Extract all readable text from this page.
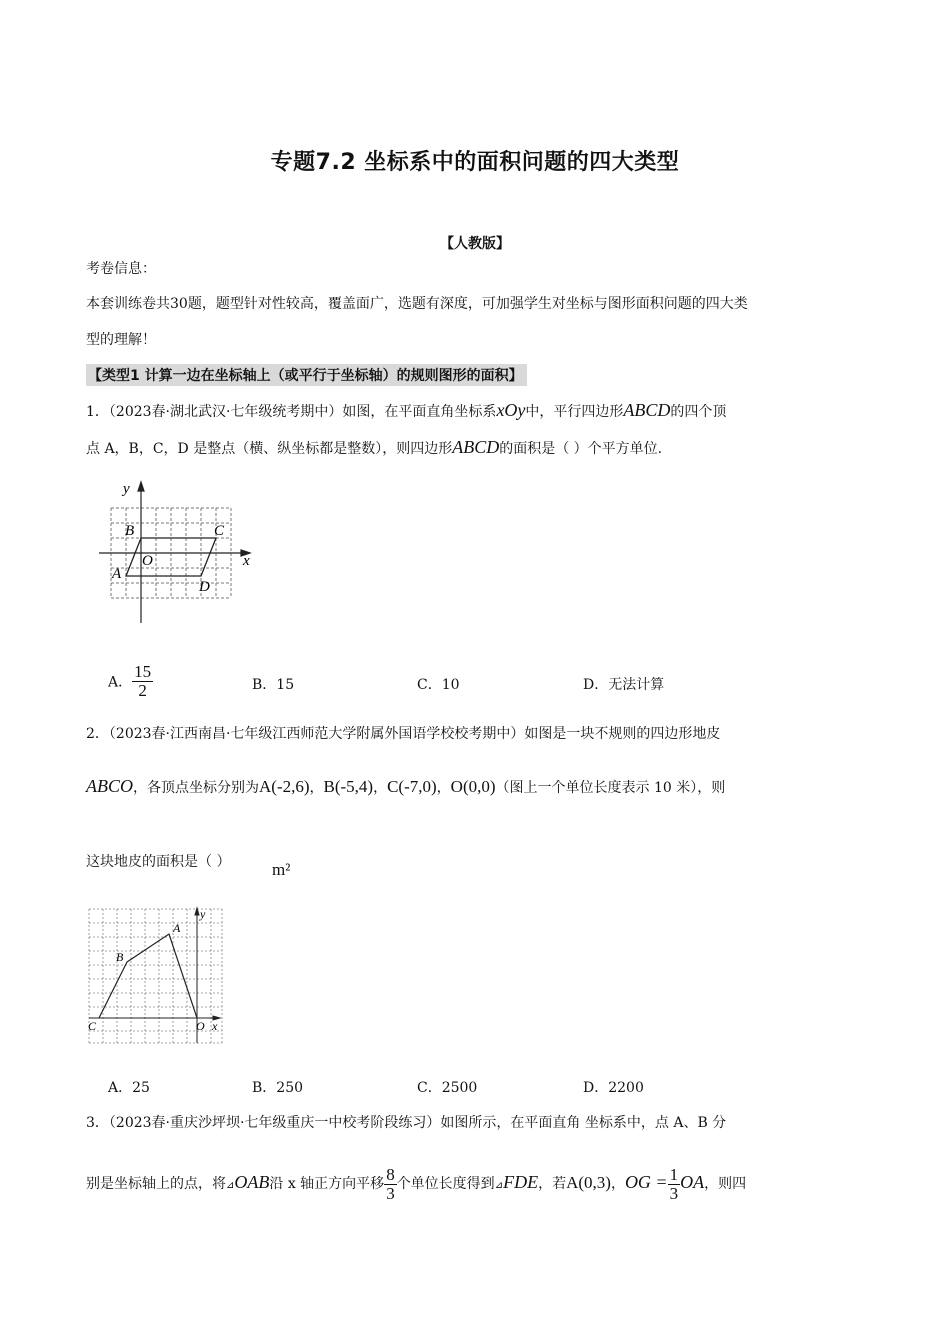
专题7.2 坐标系中的面积问题的四大类型
【人教版】
考卷信息：
本套训练卷共30题，题型针对性较高，覆盖面广，选题有深度，可加强学生对坐标与图形面积问题的四大类
型的理解！
【类型1 计算一边在坐标轴上（或平行于坐标轴）的规则图形的面积】
1．（2023春·湖北武汉·七年级统考期中）如图，在平面直角坐标系xOy中，平行四边形ABCD的四个顶
点 A，B，C，D 是整点（横、纵坐标都是整数），则四边形ABCD的面积是（ ）个平方单位.
y
x
B	C
O
A
D
A． $\frac{15}{2}$	B．15	C．10	D．无法计算
2．（2023春·江西南昌·七年级江西师范大学附属外国语学校校考期中）如图是一块不规则的四边形地皮
ABCO，各顶点坐标分别为A(-2,6)，B(-5,4)，C(-7,0)，O(0,0)（图上一个单位长度表示 10 米），则
这块地皮的面积是（ ） m²
y
A
B
C	O x
A．25	B．250	C．2500	D．2200
3．（2023春·重庆沙坪坝·七年级重庆一中校考阶段练习）如图所示，在平面直角 坐标系中，点 A、B 分
别是坐标轴上的点，将⊿OAB沿 x 轴正方向平移 $\frac{8}{3}$ 个单位长度得到⊿FDE，若A(0,3)，OG = $\frac{1}{3}$ OA，则四
